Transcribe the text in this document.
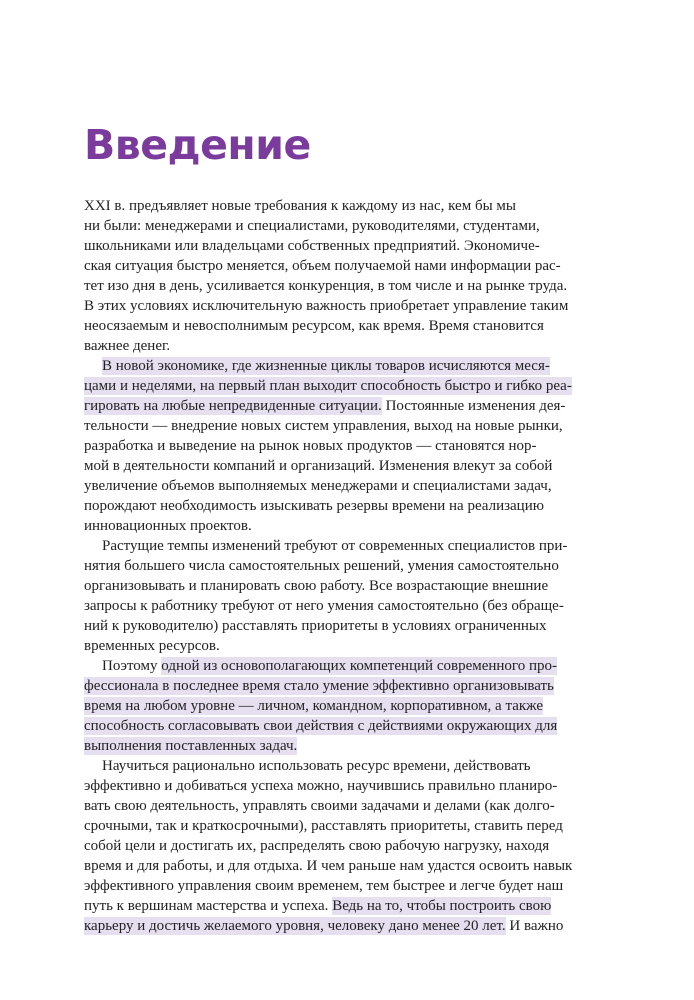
Введение
XXI в. предъявляет новые требования к каждому из нас, кем бы мы
ни были: менеджерами и специалистами, руководителями, студентами,
школьниками или владельцами собственных предприятий. Экономиче-
ская ситуация быстро меняется, объем получаемой нами информации рас-
тет изо дня в день, усиливается конкуренция, в том числе и на рынке труда.
В этих условиях исключительную важность приобретает управление таким
неосязаемым и невосполнимым ресурсом, как время. Время становится
важнее денег.
В новой экономике, где жизненные циклы товаров исчисляются меся-
цами и неделями, на первый план выходит способность быстро и гибко реа-
гировать на любые непредвиденные ситуации. Постоянные изменения дея-
тельности — внедрение новых систем управления, выход на новые рынки,
разработка и выведение на рынок новых продуктов — становятся нор-
мой в деятельности компаний и организаций. Изменения влекут за собой
увеличение объемов выполняемых менеджерами и специалистами задач,
порождают необходимость изыскивать резервы времени на реализацию
инновационных проектов.
Растущие темпы изменений требуют от современных специалистов при-
нятия большего числа самостоятельных решений, умения самостоятельно
организовывать и планировать свою работу. Все возрастающие внешние
запросы к работнику требуют от него умения самостоятельно (без обраще-
ний к руководителю) расставлять приоритеты в условиях ограниченных
временных ресурсов.
Поэтому одной из основополагающих компетенций современного про-
фессионала в последнее время стало умение эффективно организовывать
время на любом уровне — личном, командном, корпоративном, а также
способность согласовывать свои действия с действиями окружающих для
выполнения поставленных задач.
Научиться рационально использовать ресурс времени, действовать
эффективно и добиваться успеха можно, научившись правильно планиро-
вать свою деятельность, управлять своими задачами и делами (как долго-
срочными, так и краткосрочными), расставлять приоритеты, ставить перед
собой цели и достигать их, распределять свою рабочую нагрузку, находя
время и для работы, и для отдыха. И чем раньше нам удастся освоить навык
эффективного управления своим временем, тем быстрее и легче будет наш
путь к вершинам мастерства и успеха. Ведь на то, чтобы построить свою
карьеру и достичь желаемого уровня, человеку дано менее 20 лет. И важно
